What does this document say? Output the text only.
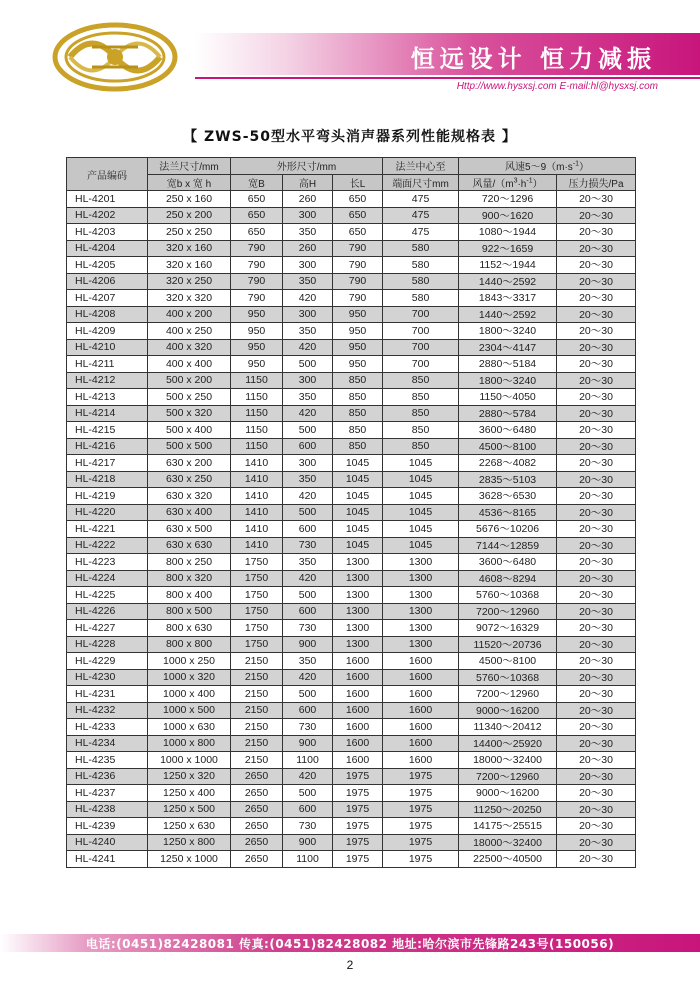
恒远设计 恒力减振
Http://www.hysxsj.com E-mail:hl@hysxsj.com
【 ZWS-50型水平弯头消声器系列性能规格表 】
产品编码	法兰尺寸/mm	外形尺寸/mm			法兰中心至	风速$5\sim 9(m\cdot s^{-1})$	
	宽b x 宽 h	宽B	高H	长L	端面尺寸mm	风量$/(m^3\cdot h^{-1})$	压力损失/Pa
HL-4201	250 x 160	650	260	650	475	720～1296	20～30
HL-4202	250 x 200	650	300	650	475	900～1620	20～30
HL-4203	250 x 250	650	350	650	475	1080～1944	20～30
HL-4204	320 x 160	790	260	790	580	922～1659	20～30
HL-4205	320 x 160	790	300	790	580	1152～1944	20～30
HL-4206	320 x 250	790	350	790	580	1440～2592	20～30
HL-4207	320 x 320	790	420	790	580	1843～3317	20～30
HL-4208	400 x 200	950	300	950	700	1440～2592	20～30
HL-4209	400 x 250	950	350	950	700	1800～3240	20～30
HL-4210	400 x 320	950	420	950	700	2304～4147	20～30
HL-4211	400 x 400	950	500	950	700	2880～5184	20～30
HL-4212	500 x 200	1150	300	850	850	1800～3240	20～30
HL-4213	500 x 250	1150	350	850	850	1150～4050	20～30
HL-4214	500 x 320	1150	420	850	850	2880～5784	20～30
HL-4215	500 x 400	1150	500	850	850	3600～6480	20～30
HL-4216	500 x 500	1150	600	850	850	4500～8100	20～30
HL-4217	630 x 200	1410	300	1045	1045	2268～4082	20～30
HL-4218	630 x 250	1410	350	1045	1045	2835～5103	20～30
HL-4219	630 x 320	1410	420	1045	1045	3628～6530	20～30
HL-4220	630 x 400	1410	500	1045	1045	4536～8165	20～30
HL-4221	630 x 500	1410	600	1045	1045	5676～10206	20～30
HL-4222	630 x 630	1410	730	1045	1045	7144～12859	20～30
HL-4223	800 x 250	1750	350	1300	1300	3600～6480	20～30
HL-4224	800 x 320	1750	420	1300	1300	4608～8294	20～30
HL-4225	800 x 400	1750	500	1300	1300	5760～10368	20～30
HL-4226	800 x 500	1750	600	1300	1300	7200～12960	20～30
HL-4227	800 x 630	1750	730	1300	1300	9072～16329	20～30
HL-4228	800 x 800	1750	900	1300	1300	11520～20736	20～30
HL-4229	1000 x 250	2150	350	1600	1600	4500～8100	20～30
HL-4230	1000 x 320	2150	420	1600	1600	5760～10368	20～30
HL-4231	1000 x 400	2150	500	1600	1600	7200～12960	20～30
HL-4232	1000 x 500	2150	600	1600	1600	9000～16200	20～30
HL-4233	1000 x 630	2150	730	1600	1600	11340～20412	20～30
HL-4234	1000 x 800	2150	900	1600	1600	14400～25920	20～30
HL-4235	1000 x 1000	2150	1100	1600	1600	18000～32400	20～30
HL-4236	1250 x 320	2650	420	1975	1975	7200～12960	20～30
HL-4237	1250 x 400	2650	500	1975	1975	9000～16200	20～30
HL-4238	1250 x 500	2650	600	1975	1975	11250～20250	20～30
HL-4239	1250 x 630	2650	730	1975	1975	14175～25515	20～30
HL-4240	1250 x 800	2650	900	1975	1975	18000～32400	20～30
HL-4241	1250 x 1000	2650	1100	1975	1975	22500～40500	20～30
电话:(0451)82428081 传真:(0451)82428082 地址:哈尔滨市先锋路243号(150056)
2
